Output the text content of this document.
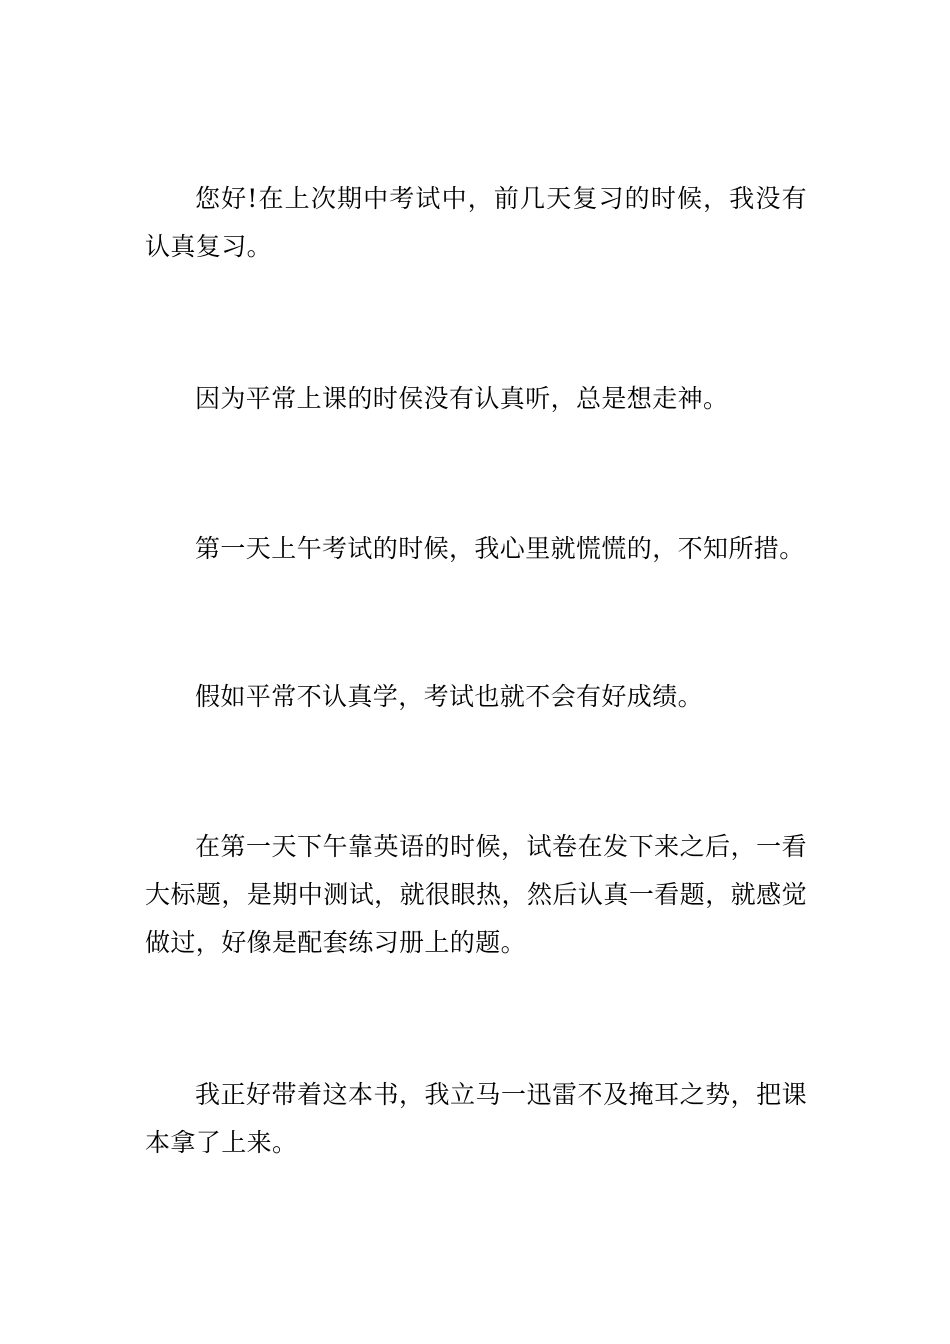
您好!在上次期中考试中，前几天复习的时候，我没有认真复习。

因为平常上课的时侯没有认真听，总是想走神。

第一天上午考试的时候，我心里就慌慌的，不知所措。

假如平常不认真学，考试也就不会有好成绩。

在第一天下午靠英语的时候，试卷在发下来之后，一看大标题，是期中测试，就很眼热，然后认真一看题，就感觉做过，好像是配套练习册上的题。

我正好带着这本书，我立马一迅雷不及掩耳之势，把课本拿了上来。
